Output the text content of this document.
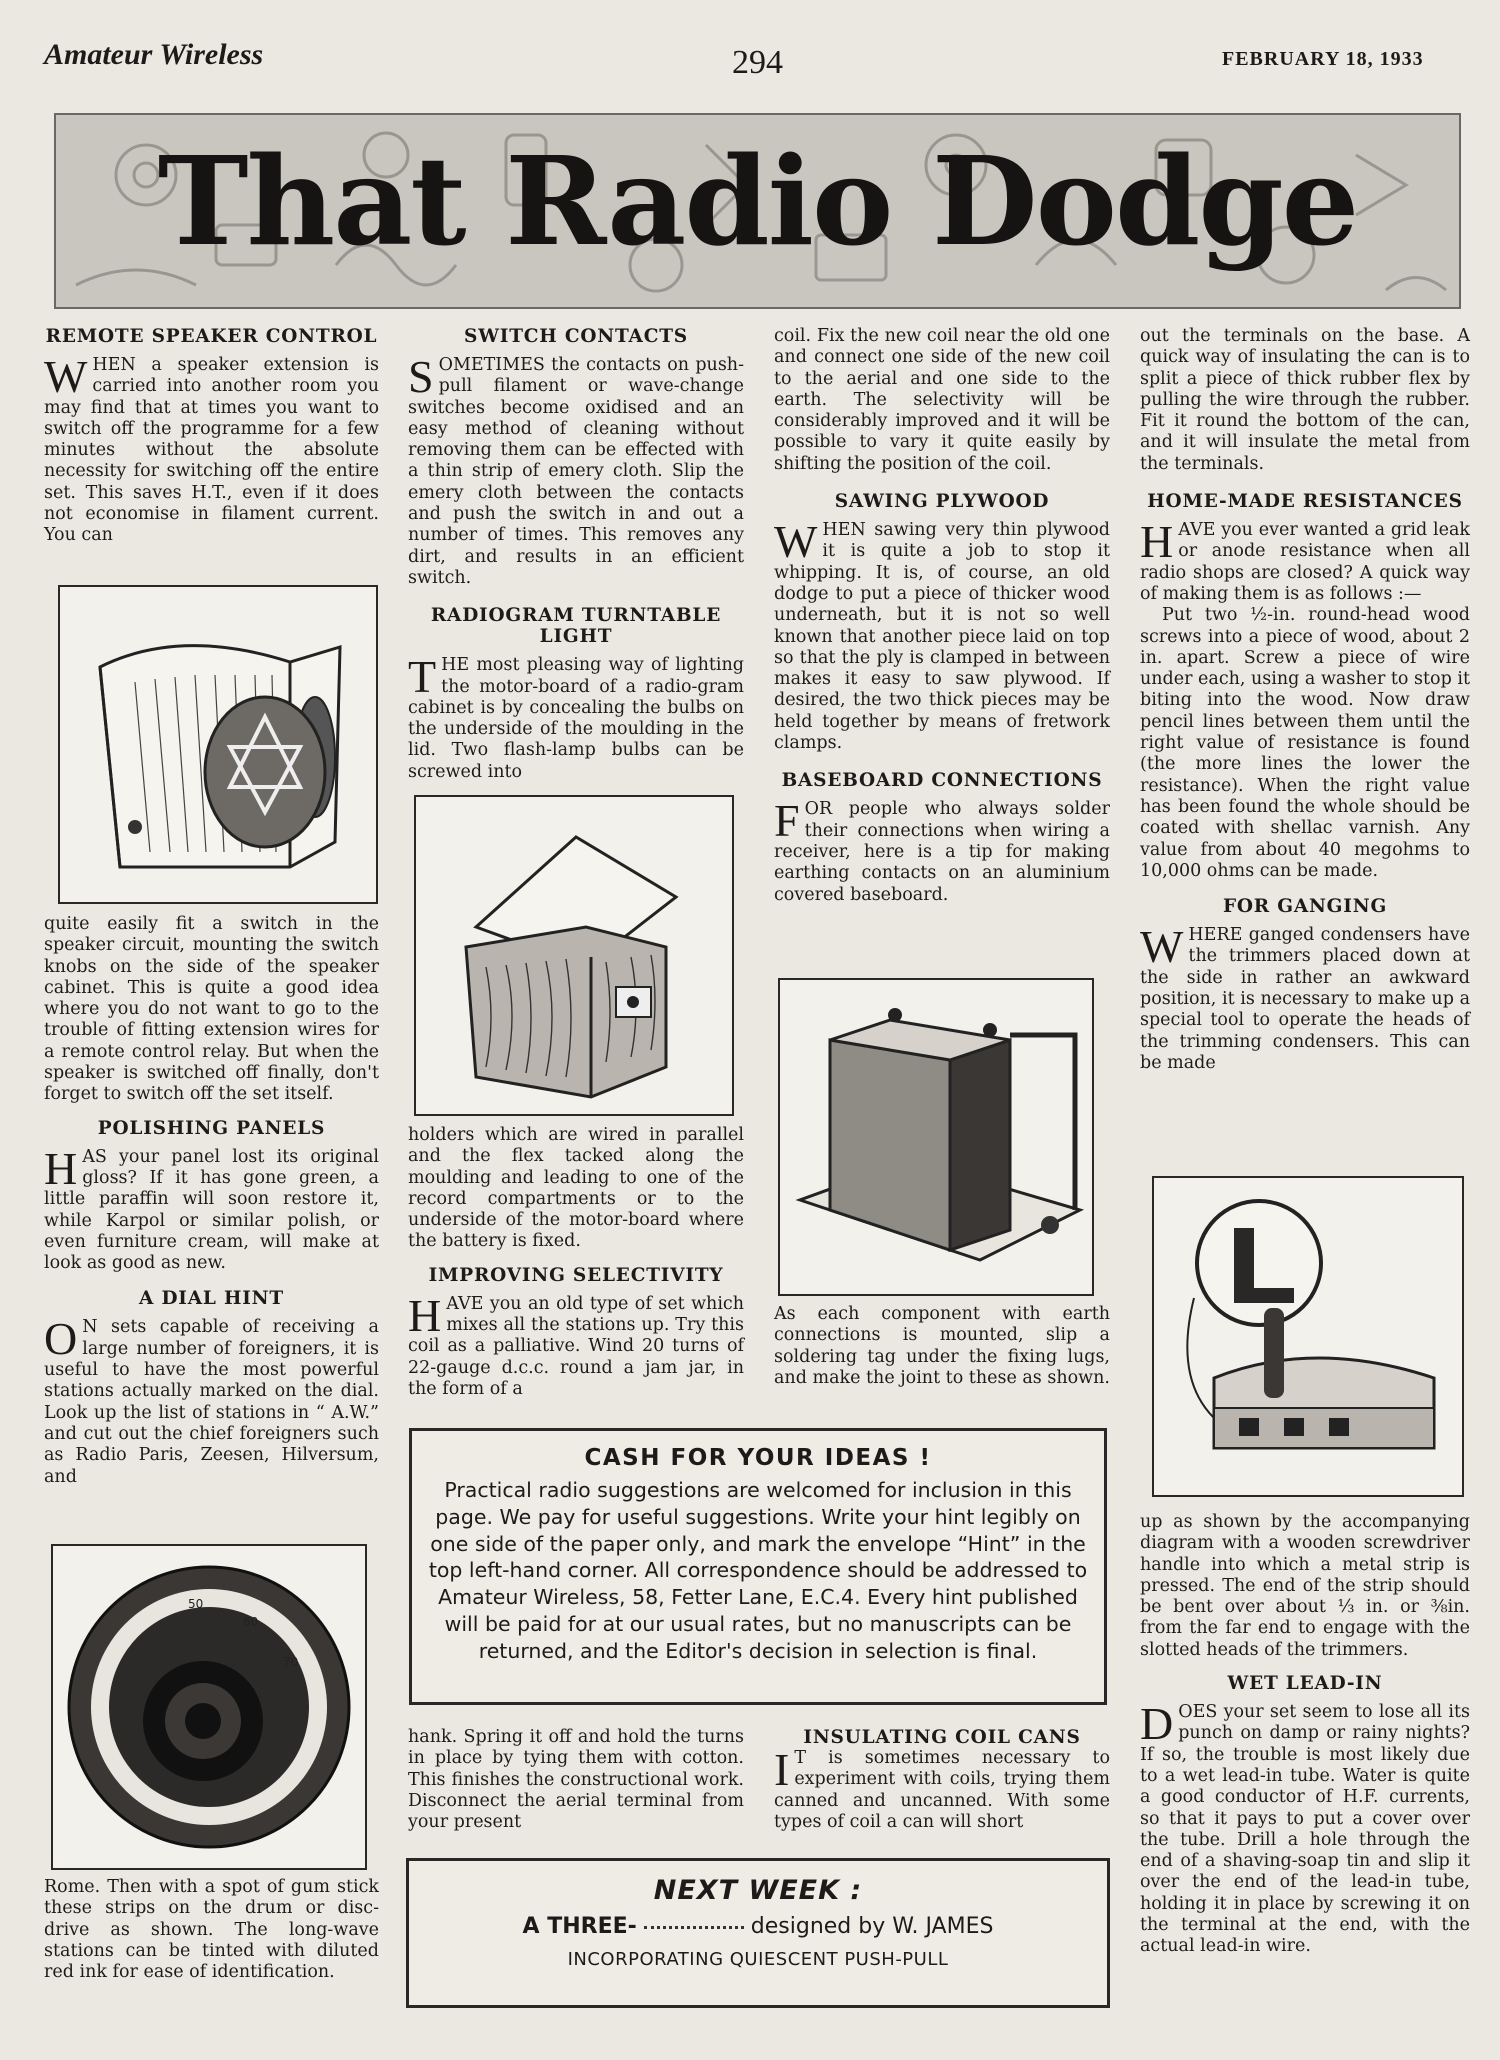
Amateur Wireless	294	FEBRUARY 18, 1933
That Radio Dodge
REMOTE SPEAKER CONTROL

WHEN a speaker extension is carried into another room you may find that at times you want to switch off the programme for a few minutes without the absolute necessity for switching off the entire set. This saves H.T., even if it does not economise in filament current. You can

quite easily fit a switch in the speaker circuit, mounting the switch knobs on the side of the speaker cabinet. This is quite a good idea where you do not want to go to the trouble of fitting extension wires for a remote control relay. But when the speaker is switched off finally, don't forget to switch off the set itself.

POLISHING PANELS

HAS your panel lost its original gloss? If it has gone green, a little paraffin will soon restore it, while Karpol or similar polish, or even furniture cream, will make at look as good as new.

A DIAL HINT

O N sets capable of receiving a large number of foreigners, it is useful to have the most powerful stations actually marked on the dial. Look up the list of stations in “ A.W.” and cut out the chief foreigners such as Radio Paris, Zeesen, Hilversum, and

50
60
70

Rome. Then with a spot of gum stick these strips on the drum or disc-drive as shown. The long-wave stations can be tinted with diluted red ink for ease of identification.

SWITCH CONTACTS

SOMETIMES the contacts on push-pull filament or wave-change switches become oxidised and an easy method of cleaning without removing them can be effected with a thin strip of emery cloth. Slip the emery cloth between the contacts and push the switch in and out a number of times. This removes any dirt, and results in an efficient switch.

RADIOGRAM TURNTABLE LIGHT

THE most pleasing way of lighting the motor-board of a radio-gram cabinet is by concealing the bulbs on the underside of the moulding in the lid. Two flash-lamp bulbs can be screwed into

holders which are wired in parallel and the flex tacked along the moulding and leading to one of the record compartments or to the underside of the motor-board where the battery is fixed.

IMPROVING SELECTIVITY

HAVE you an old type of set which mixes all the stations up. Try this coil as a palliative. Wind 20 turns of 22-gauge d.c.c. round a jam jar, in the form of a

coil. Fix the new coil near the old one and connect one side of the new coil to the aerial and one side to the earth. The selectivity will be considerably improved and it will be possible to vary it quite easily by shifting the position of the coil.

SAWING PLYWOOD

WHEN sawing very thin plywood it is quite a job to stop it whipping. It is, of course, an old dodge to put a piece of thicker wood underneath, but it is not so well known that another piece laid on top so that the ply is clamped in between makes it easy to saw plywood. If desired, the two thick pieces may be held together by means of fretwork clamps.

BASEBOARD CONNECTIONS

FOR people who always solder their connections when wiring a receiver, here is a tip for making earthing contacts on an aluminium covered baseboard.

As each component with earth connections is mounted, slip a soldering tag under the fixing lugs, and make the joint to these as shown.

out the terminals on the base. A quick way of insulating the can is to split a piece of thick rubber flex by pulling the wire through the rubber. Fit it round the bottom of the can, and it will insulate the metal from the terminals.

HOME-MADE RESISTANCES

HAVE you ever wanted a grid leak or anode resistance when all radio shops are closed? A quick way of making them is as follows :—

Put two ½-in. round-head wood screws into a piece of wood, about 2 in. apart. Screw a piece of wire under each, using a washer to stop it biting into the wood. Now draw pencil lines between them until the right value of resistance is found (the more lines the lower the resistance). When the right value has been found the whole should be coated with shellac varnish. Any value from about 40 megohms to 10,000 ohms can be made.

FOR GANGING

WHERE ganged condensers have the trimmers placed down at the side in rather an awkward position, it is necessary to make up a special tool to operate the heads of the trimming condensers. This can be made

up as shown by the accompanying diagram with a wooden screwdriver handle into which a metal strip is pressed. The end of the strip should be bent over about ⅓ in. or ⅜in. from the far end to engage with the slotted heads of the trimmers.

WET LEAD-IN

DOES your set seem to lose all its punch on damp or rainy nights? If so, the trouble is most likely due to a wet lead-in tube. Water is quite a good conductor of H.F. currents, so that it pays to put a cover over the tube. Drill a hole through the end of a shaving-soap tin and slip it over the end of the lead-in tube, holding it in place by screwing it on the terminal at the end, with the actual lead-in wire.

CASH FOR YOUR IDEAS !
Practical radio suggestions are welcomed for inclusion in this page. We pay for useful suggestions. Write your hint legibly on one side of the paper only, and mark the envelope “Hint” in the top left-hand corner. All correspondence should be addressed to Amateur Wireless, 58, Fetter Lane, E.C.4. Every hint published will be paid for at our usual rates, but no manuscripts can be returned, and the Editor's decision in selection is final.

hank. Spring it off and hold the turns in place by tying them with cotton. This finishes the constructional work. Disconnect the aerial terminal from your present

INSULATING COIL CANS

I T is sometimes necessary to experiment with coils, trying them canned and uncanned. With some types of coil a can will short

NEXT WEEK :
A THREE-	designed by W. JAMES
INCORPORATING QUIESCENT PUSH-PULL
